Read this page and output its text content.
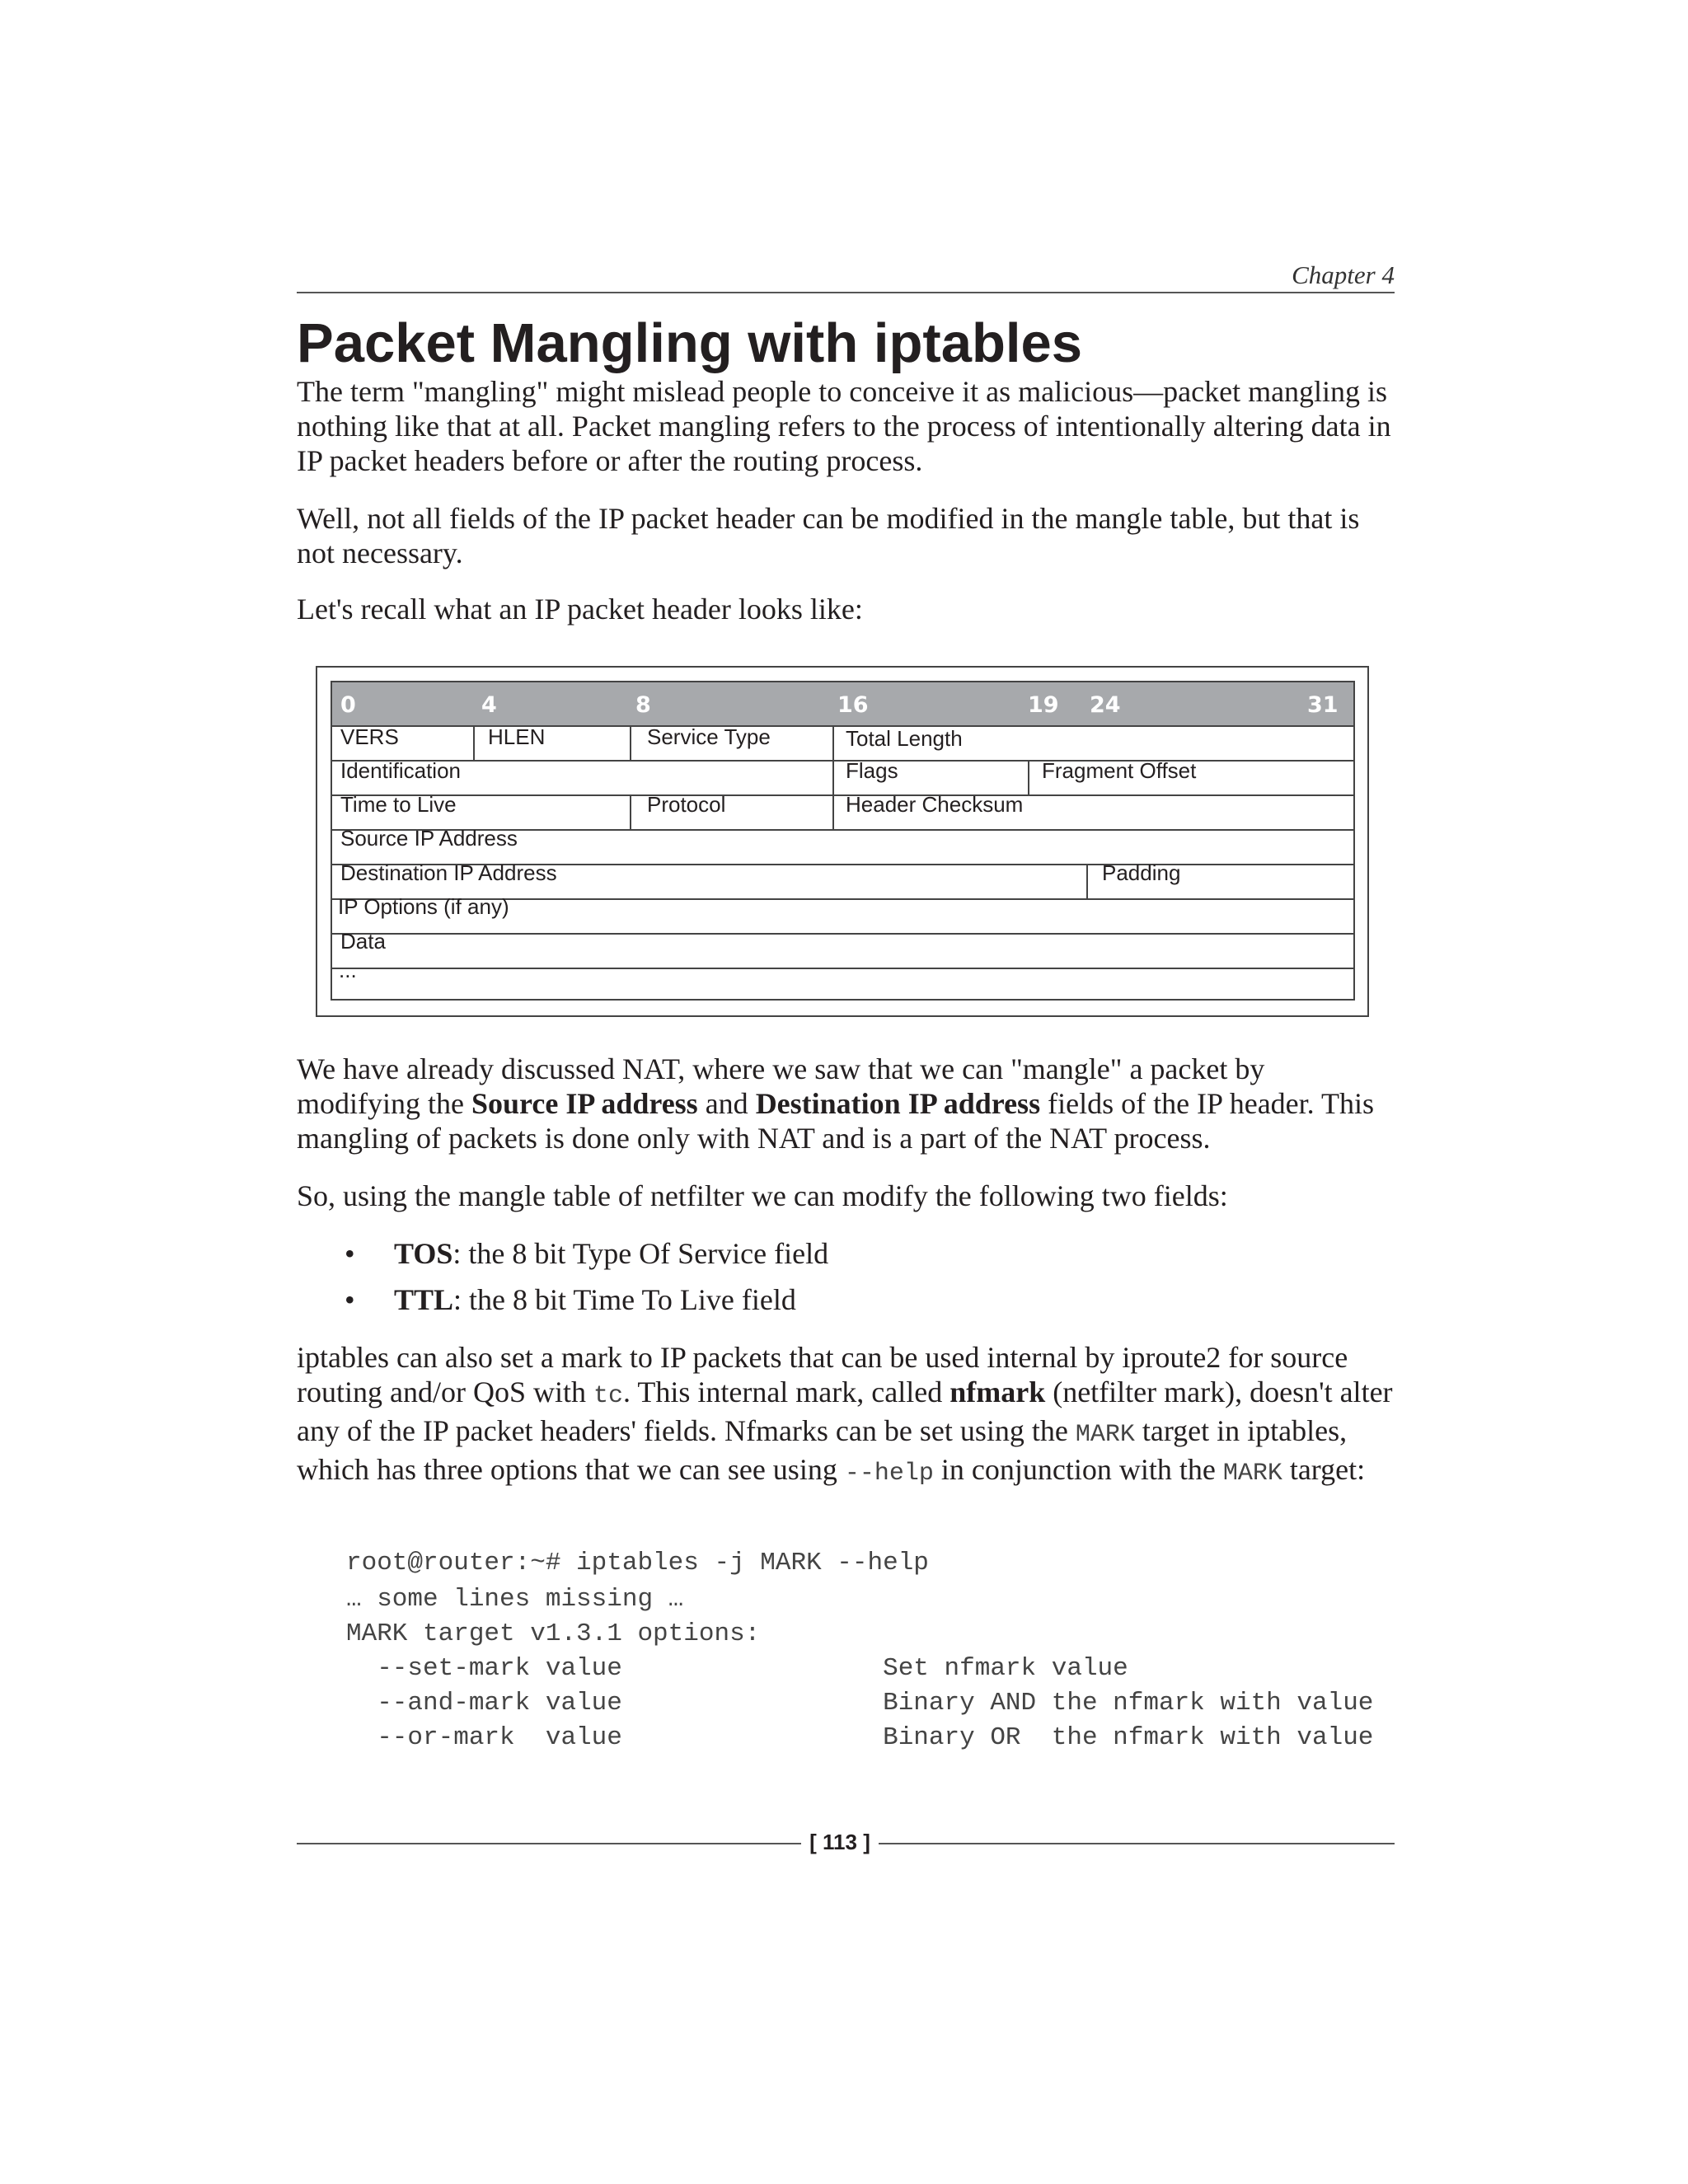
Chapter 4
Packet Mangling with iptables

The term "mangling" might mislead people to conceive it as malicious—packet mangling is nothing like that at all. Packet mangling refers to the process of intentionally altering data in IP packet headers before or after the routing process.

Well, not all fields of the IP packet header can be modified in the mangle table, but that is not necessary.

Let's recall what an IP packet header looks like:

0	4	8	16	19 24	31
VERS	HLEN	Service Type	Total Length
Identification	Flags	Fragment Offset
Time to Live	Protocol	Header Checksum
Source IP Address
Destination IP Address	Padding
IP Options (if any)
Data
...

We have already discussed NAT, where we saw that we can "mangle" a packet by modifying the Source IP address and Destination IP address fields of the IP header. This mangling of packets is done only with NAT and is a part of the NAT process.

So, using the mangle table of netfilter we can modify the following two fields:

• TOS: the 8 bit Type Of Service field

• TTL: the 8 bit Time To Live field

iptables can also set a mark to IP packets that can be used internal by iproute2 for source routing and/or QoS with tc. This internal mark, called nfmark (netfilter mark), doesn't alter any of the IP packet headers' fields. Nfmarks can be set using the MARK target in iptables, which has three options that we can see using --help in conjunction with the MARK target:

root@router:~# iptables -j MARK --help
… some lines missing …
MARK target v1.3.1 options:
--set-mark value                 Set nfmark value
--and-mark value                 Binary AND the nfmark with value
--or-mark  value                 Binary OR  the nfmark with value
[ 113 ]
